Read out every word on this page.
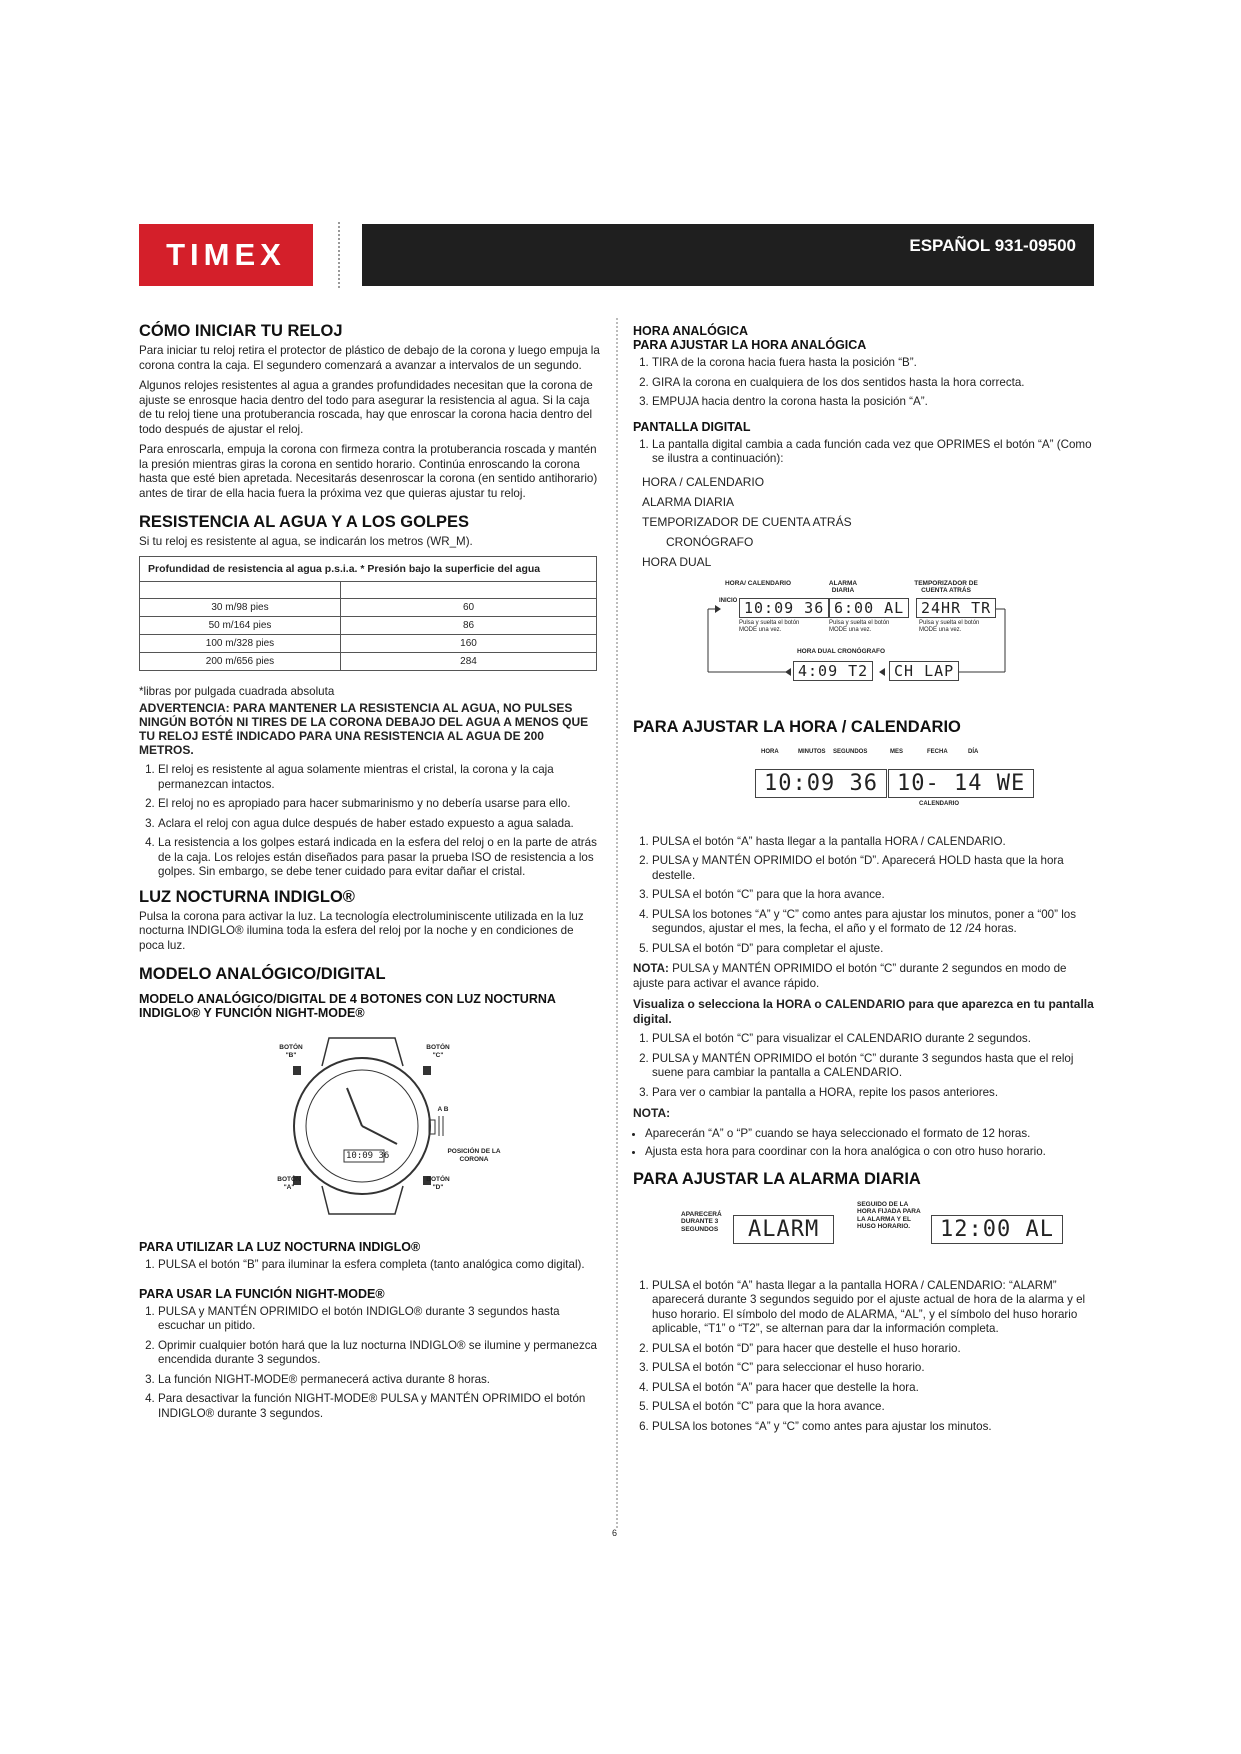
TIMEX	ESPAÑOL 931-09500
CÓMO INICIAR TU RELOJ

Para iniciar tu reloj retira el protector de plástico de debajo de la corona y luego empuja la corona contra la caja. El segundero comenzará a avanzar a intervalos de un segundo.

Algunos relojes resistentes al agua a grandes profundidades necesitan que la corona de ajuste se enrosque hacia dentro del todo para asegurar la resistencia al agua. Si la caja de tu reloj tiene una protuberancia roscada, hay que enroscar la corona hacia dentro del todo después de ajustar el reloj.

Para enroscarla, empuja la corona con firmeza contra la protuberancia roscada y mantén la presión mientras giras la corona en sentido horario. Continúa enroscando la corona hasta que esté bien apretada. Necesitarás desenroscar la corona (en sentido antihorario) antes de tirar de ella hacia fuera la próxima vez que quieras ajustar tu reloj.

RESISTENCIA AL AGUA Y A LOS GOLPES

Si tu reloj es resistente al agua, se indicarán los metros (WR_M).

Profundidad de resistencia al agua p.s.i.a. * Presión bajo la superficie del agua	

30 m/98 pies	60
50 m/164 pies	86
100 m/328 pies	160
200 m/656 pies	284

*libras por pulgada cuadrada absoluta

ADVERTENCIA: PARA MANTENER LA RESISTENCIA AL AGUA, NO PULSES NINGÚN BOTÓN NI TIRES DE LA CORONA DEBAJO DEL AGUA A MENOS QUE TU RELOJ ESTÉ INDICADO PARA UNA RESISTENCIA AL AGUA DE 200 METROS.
1. El reloj es resistente al agua solamente mientras el cristal, la corona y la caja permanezcan intactos.
2. El reloj no es apropiado para hacer submarinismo y no debería usarse para ello.
3. Aclara el reloj con agua dulce después de haber estado expuesto a agua salada.
4. La resistencia a los golpes estará indicada en la esfera del reloj o en la parte de atrás de la caja. Los relojes están diseñados para pasar la prueba ISO de resistencia a los golpes. Sin embargo, se debe tener cuidado para evitar dañar el cristal.
LUZ NOCTURNA INDIGLO®

Pulsa la corona para activar la luz. La tecnología electroluminiscente utilizada en la luz nocturna INDIGLO® ilumina toda la esfera del reloj por la noche y en condiciones de poca luz.

MODELO ANALÓGICO/DIGITAL
MODELO ANALÓGICO/DIGITAL DE 4 BOTONES CON LUZ NOCTURNA INDIGLO® Y FUNCIÓN NIGHT-MODE®
BOTÓN "B"
BOTÓN "C"
BOTÓN "A"
BOTÓN "D"
A B
POSICIÓN DE LA CORONA
10:09 36
PARA UTILIZAR LA LUZ NOCTURNA INDIGLO®
1. PULSA el botón “B” para iluminar la esfera completa (tanto analógica como digital).
PARA USAR LA FUNCIÓN NIGHT-MODE®
1. PULSA y MANTÉN OPRIMIDO el botón INDIGLO® durante 3 segundos hasta escuchar un pitido.
2. Oprimir cualquier botón hará que la luz nocturna INDIGLO® se ilumine y permanezca encendida durante 3 segundos.
3. La función NIGHT-MODE® permanecerá activa durante 8 horas.
4. Para desactivar la función NIGHT-MODE® PULSA y MANTÉN OPRIMIDO el botón INDIGLO® durante 3 segundos.
HORA ANALÓGICA
PARA AJUSTAR LA HORA ANALÓGICA
1. TIRA de la corona hacia fuera hasta la posición “B”.
2. GIRA la corona en cualquiera de los dos sentidos hasta la hora correcta.
3. EMPUJA hacia dentro la corona hasta la posición “A”.
PANTALLA DIGITAL
1. La pantalla digital cambia a cada función cada vez que OPRIMES el botón “A” (Como se ilustra a continuación):
HORA / CALENDARIO
ALARMA DIARIA
TEMPORIZADOR DE CUENTA ATRÁS
CRONÓGRAFO
HORA DUAL
HORA/ CALENDARIO	ALARMA DIARIA
TEMPORIZADOR DE CUENTA ATRÁS
INICIO 10:09 36 6:00 AL	24HR TR
Pulsa y suelta el botón MODE una vez.
Pulsa y suelta el botón MODE una vez.
Pulsa y suelta el botón MODE una vez.
HORA DUAL CRONÓGRAFO
4:09 T2	CH LAP
PARA AJUSTAR LA HORA / CALENDARIO
HORA	MINUTOS SEGUNDOS	MES	FECHA	DÍA
10:09 36 10- 14 WE
CALENDARIO
1. PULSA el botón “A” hasta llegar a la pantalla HORA / CALENDARIO.
2. PULSA y MANTÉN OPRIMIDO el botón “D”. Aparecerá HOLD hasta que la hora destelle.
3. PULSA el botón “C” para que la hora avance.
4. PULSA los botones “A” y “C” como antes para ajustar los minutos, poner a “00” los segundos, ajustar el mes, la fecha, el año y el formato de 12 /24 horas.
5. PULSA el botón “D” para completar el ajuste.

NOTA: PULSA y MANTÉN OPRIMIDO el botón “C” durante 2 segundos en modo de ajuste para activar el avance rápido.

Visualiza o selecciona la HORA o CALENDARIO para que aparezca en tu pantalla digital.

1. PULSA el botón “C” para visualizar el CALENDARIO durante 2 segundos.
2. PULSA y MANTÉN OPRIMIDO el botón “C” durante 3 segundos hasta que el reloj suene para cambiar la pantalla a CALENDARIO.
3. Para ver o cambiar la pantalla a HORA, repite los pasos anteriores.

NOTA:

• Aparecerán “A” o “P” cuando se haya seleccionado el formato de 12 horas.
• Ajusta esta hora para coordinar con la hora analógica o con otro huso horario.
PARA AJUSTAR LA ALARMA DIARIA
APARECERÁ DURANTE 3 SEGUNDOS	ALARM
SEGUIDO DE LA HORA FIJADA PARA LA ALARMA Y EL HUSO HORARIO.	12:00 AL
1. PULSA el botón “A” hasta llegar a la pantalla HORA / CALENDARIO: “ALARM” aparecerá durante 3 segundos seguido por el ajuste actual de hora de la alarma y el huso horario. El símbolo del modo de ALARMA, “AL”, y el símbolo del huso horario aplicable, “T1” o “T2”, se alternan para dar la información completa.
2. PULSA el botón “D” para hacer que destelle el huso horario.
3. PULSA el botón “C” para seleccionar el huso horario.
4. PULSA el botón “A” para hacer que destelle la hora.
5. PULSA el botón “C” para que la hora avance.
6. PULSA los botones “A” y “C” como antes para ajustar los minutos.
6
